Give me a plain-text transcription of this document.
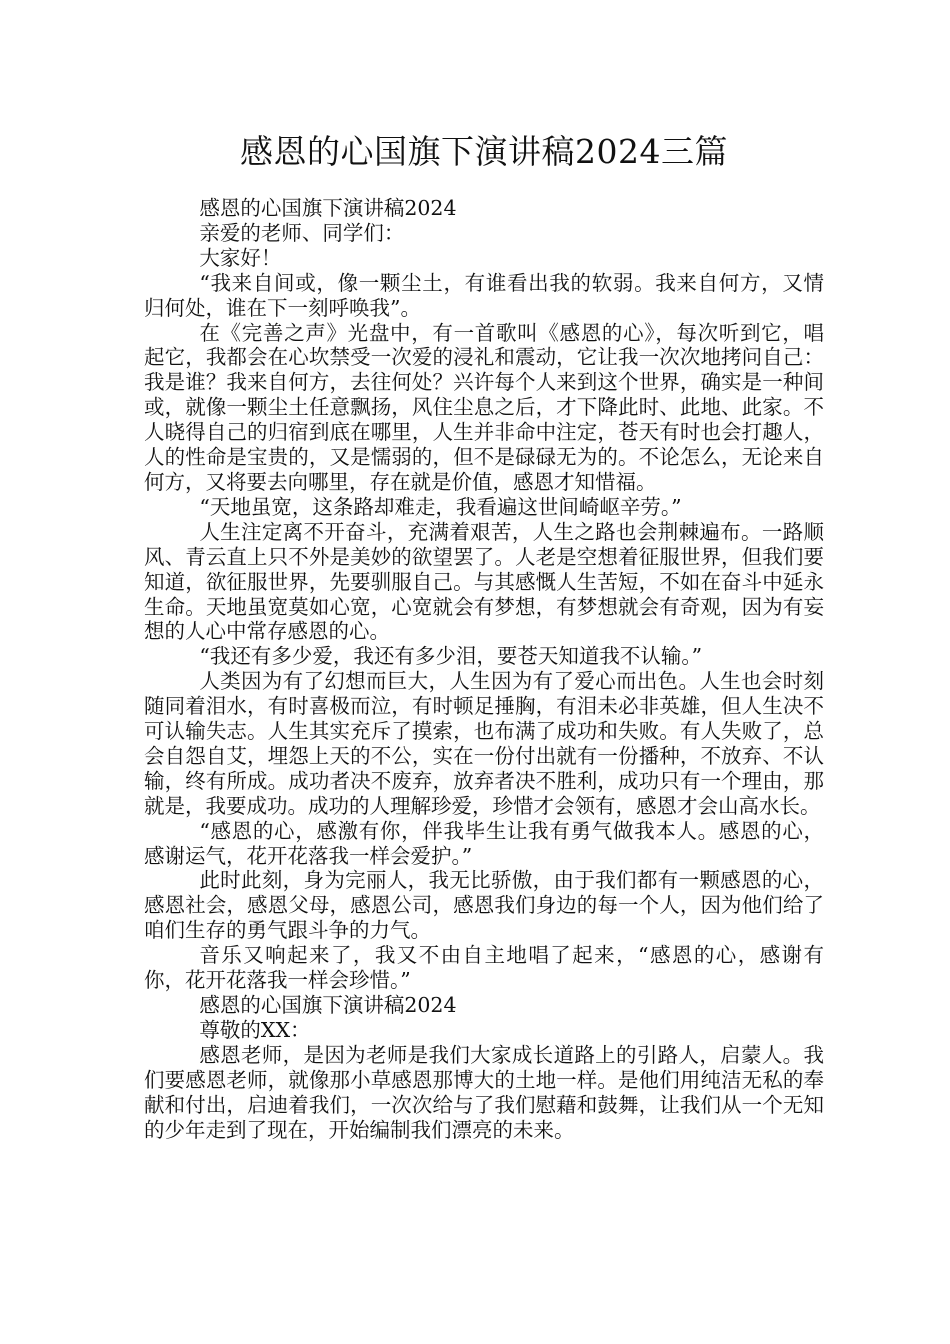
感恩的心国旗下演讲稿2024三篇

感恩的心国旗下演讲稿2024

亲爱的老师、同学们：

大家好！

“我来自间或，像一颗尘土，有谁看出我的软弱。我来自何方，又情归何处，谁在下一刻呼唤我”。

在《完善之声》光盘中，有一首歌叫《感恩的心》，每次听到它，唱起它，我都会在心坎禁受一次爱的浸礼和震动，它让我一次次地拷问自己：我是谁？我来自何方，去往何处？兴许每个人来到这个世界，确实是一种间或，就像一颗尘土任意飘扬，风住尘息之后，才下降此时、此地、此家。不人晓得自己的归宿到底在哪里，人生并非命中注定，苍天有时也会打趣人，人的性命是宝贵的，又是懦弱的，但不是碌碌无为的。不论怎么，无论来自何方，又将要去向哪里，存在就是价值，感恩才知惜福。

“天地虽宽，这条路却难走，我看遍这世间崎岖辛劳。”

人生注定离不开奋斗，充满着艰苦，人生之路也会荆棘遍布。一路顺风、青云直上只不外是美妙的欲望罢了。人老是空想着征服世界，但我们要知道，欲征服世界，先要驯服自己。与其感慨人生苦短，不如在奋斗中延永生命。天地虽宽莫如心宽，心宽就会有梦想，有梦想就会有奇观，因为有妄想的人心中常存感恩的心。

“我还有多少爱，我还有多少泪，要苍天知道我不认输。”

人类因为有了幻想而巨大，人生因为有了爱心而出色。人生也会时刻随同着泪水，有时喜极而泣，有时顿足捶胸，有泪未必非英雄，但人生决不可认输失志。人生其实充斥了摸索，也布满了成功和失败。有人失败了，总会自怨自艾，埋怨上天的不公，实在一份付出就有一份播种，不放弃、不认输，终有所成。成功者决不废弃，放弃者决不胜利，成功只有一个理由，那就是，我要成功。成功的人理解珍爱，珍惜才会领有，感恩才会山高水长。

“感恩的心，感激有你，伴我毕生让我有勇气做我本人。感恩的心，感谢运气，花开花落我一样会爱护。”

此时此刻，身为完丽人，我无比骄傲，由于我们都有一颗感恩的心，感恩社会，感恩父母，感恩公司，感恩我们身边的每一个人，因为他们给了咱们生存的勇气跟斗争的力气。

音乐又响起来了，我又不由自主地唱了起来，“感恩的心，感谢有你，花开花落我一样会珍惜。”

感恩的心国旗下演讲稿2024

尊敬的XX：

感恩老师，是因为老师是我们大家成长道路上的引路人，启蒙人。我们要感恩老师，就像那小草感恩那博大的土地一样。是他们用纯洁无私的奉献和付出，启迪着我们，一次次给与了我们慰藉和鼓舞，让我们从一个无知的少年走到了现在，开始编制我们漂亮的未来。
